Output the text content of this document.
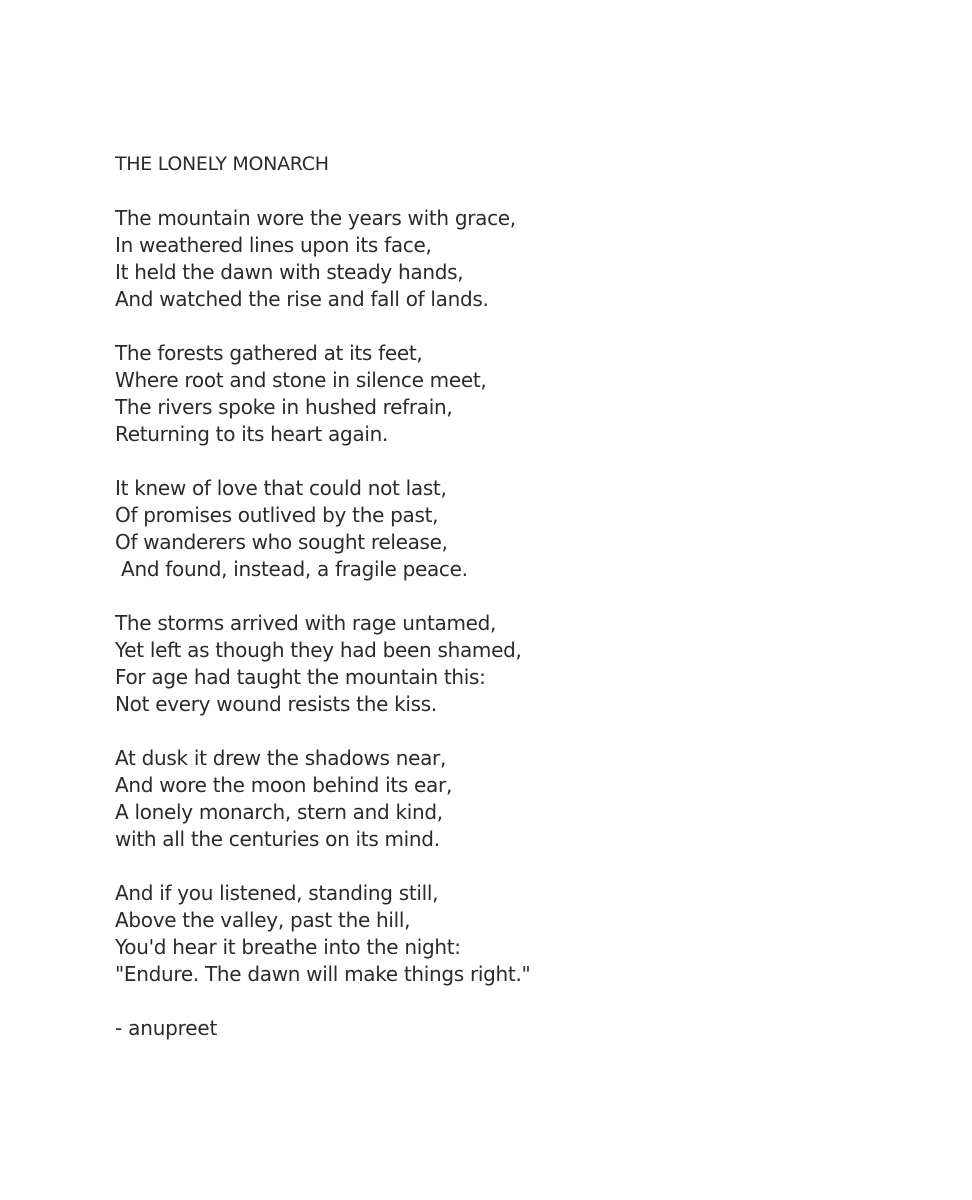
THE LONELY MONARCH
The mountain wore the years with grace,
In weathered lines upon its face,
It held the dawn with steady hands,
And watched the rise and fall of lands.
The forests gathered at its feet,
Where root and stone in silence meet,
The rivers spoke in hushed refrain,
Returning to its heart again.
It knew of love that could not last,
Of promises outlived by the past,
Of wanderers who sought release,
And found, instead, a fragile peace.
The storms arrived with rage untamed,
Yet left as though they had been shamed,
For age had taught the mountain this:
Not every wound resists the kiss.
At dusk it drew the shadows near,
And wore the moon behind its ear,
A lonely monarch, stern and kind,
with all the centuries on its mind.
And if you listened, standing still,
Above the valley, past the hill,
You'd hear it breathe into the night:
"Endure. The dawn will make things right."
- anupreet
